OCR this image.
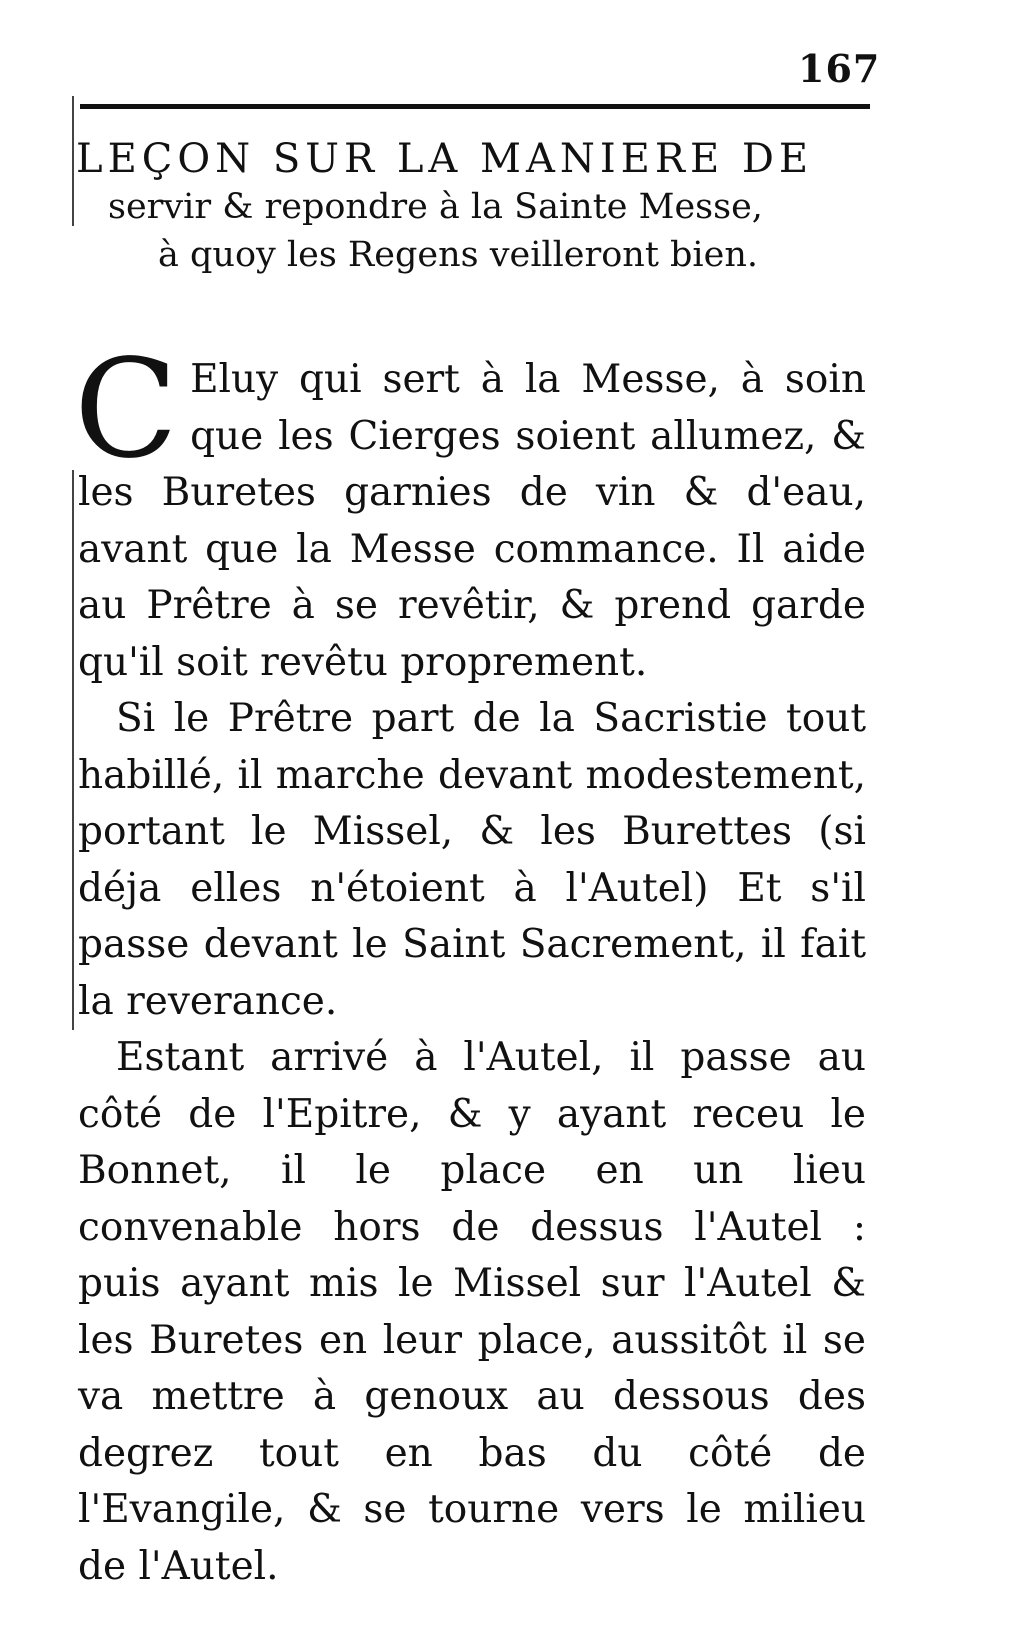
167
LEÇON SUR LA MANIERE DE
servir & repondre à la Sainte Messe,
à quoy les Regens veilleront bien.

C Eluy qui sert à la Messe, à soin que les Cierges soient allumez, & les Buretes garnies de vin & d'eau, avant que la Messe commance. Il aide au Prêtre à se revêtir, & prend garde qu'il soit revêtu proprement.

Si le Prêtre part de la Sacristie tout habillé, il marche devant modestement, portant le Missel, & les Burettes (si déja elles n'étoient à l'Autel) Et s'il passe devant le Saint Sacrement, il fait la reverance.

Estant arrivé à l'Autel, il passe au côté de l'Epitre, & y ayant receu le Bonnet, il le place en un lieu convenable hors de dessus l'Autel : puis ayant mis le Missel sur l'Autel & les Buretes en leur place, aussitôt il se va mettre à genoux au dessous des degrez tout en bas du côté de l'Evangile, & se tourne vers le milieu de l'Autel.
